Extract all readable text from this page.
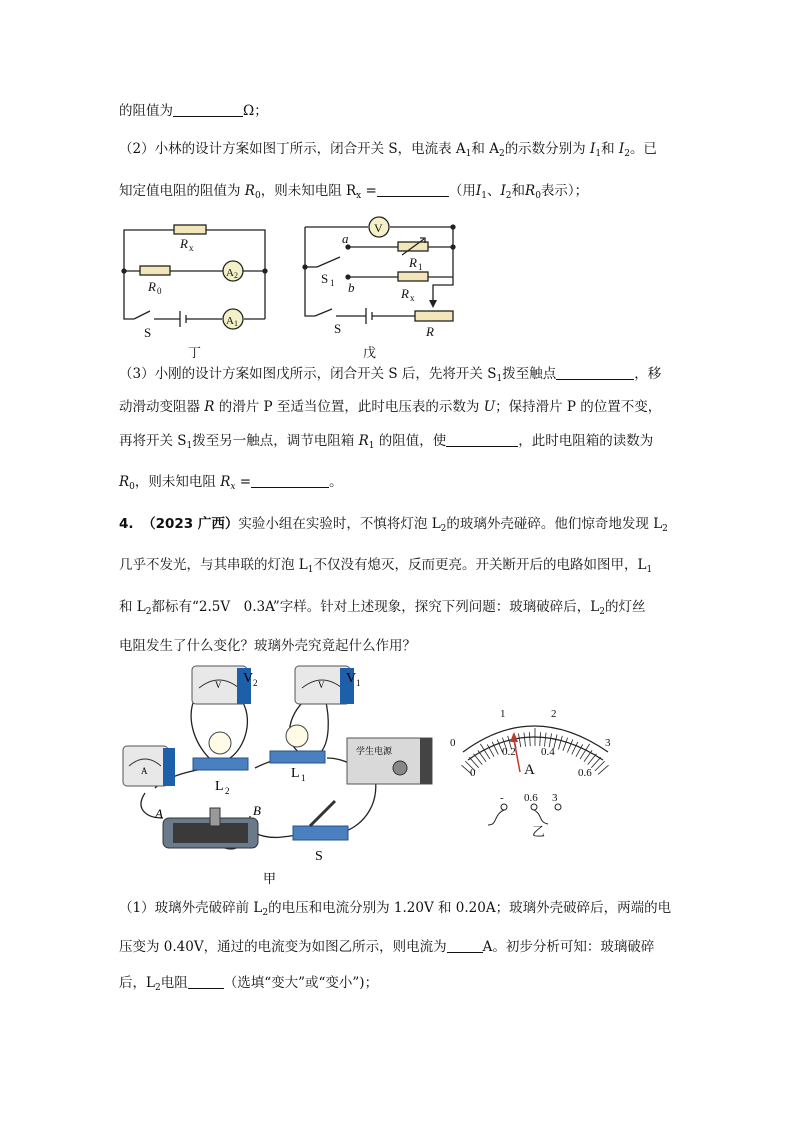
的阻值为	Ω；
（2）小林的设计方案如图丁所示，闭合开关 S，电流表 $A_1$和 $A_2$的示数分别为 $I_1$和 $I_2$。已
知定值电阻的阻值为 $R_0$，则未知电阻 $R_x$ =	（用$I_1$、$I_2$和$R_0$表示）；
R x
R 0
S
A 2
A 1
丁
V
a
b
R 1
R x
S 1
S	R
戊
（3）小刚的设计方案如图戊所示，闭合开关 S 后，先将开关 $S_1$拨至触点	，移
动滑动变阻器 R 的滑片 P 至适当位置，此时电压表的示数为 U；保持滑片 P 的位置不变，
再将开关 $S_1$拨至另一触点，调节电阻箱 $R_1$ 的阻值，使	，此时电阻箱的读数为
$R_0$，则未知电阻 $R_x$ =	。
4. （2023 广西）实验小组在实验时，不慎将灯泡 $L_2$的玻璃外壳碰碎。他们惊奇地发现 $L_2$
几乎不发光，与其串联的灯泡 $L_1$不仅没有熄灭，反而更亮。开关断开后的电路如图甲，$L_1$
和 $L_2$都标有“2.5V　0.3A”字样。针对上述现象，探究下列问题：玻璃破碎后，$L_2$的灯丝
电阻发生了什么变化？玻璃外壳究竟起什么作用？
V V 2	V V 1
A
L 2
L 1
学生电源
A	B
S
甲
0
1	2
3
0
0.2 0.4
0.6
A
- 0.6 3
乙
（1）玻璃外壳破碎前 $L_2$的电压和电流分别为 1.20V 和 0.20A；玻璃外壳破碎后，两端的电
压变为 0.40V，通过的电流变为如图乙所示，则电流为	A。初步分析可知：玻璃破碎
后，$L_2$电阻	（选填“变大”或“变小”)；
